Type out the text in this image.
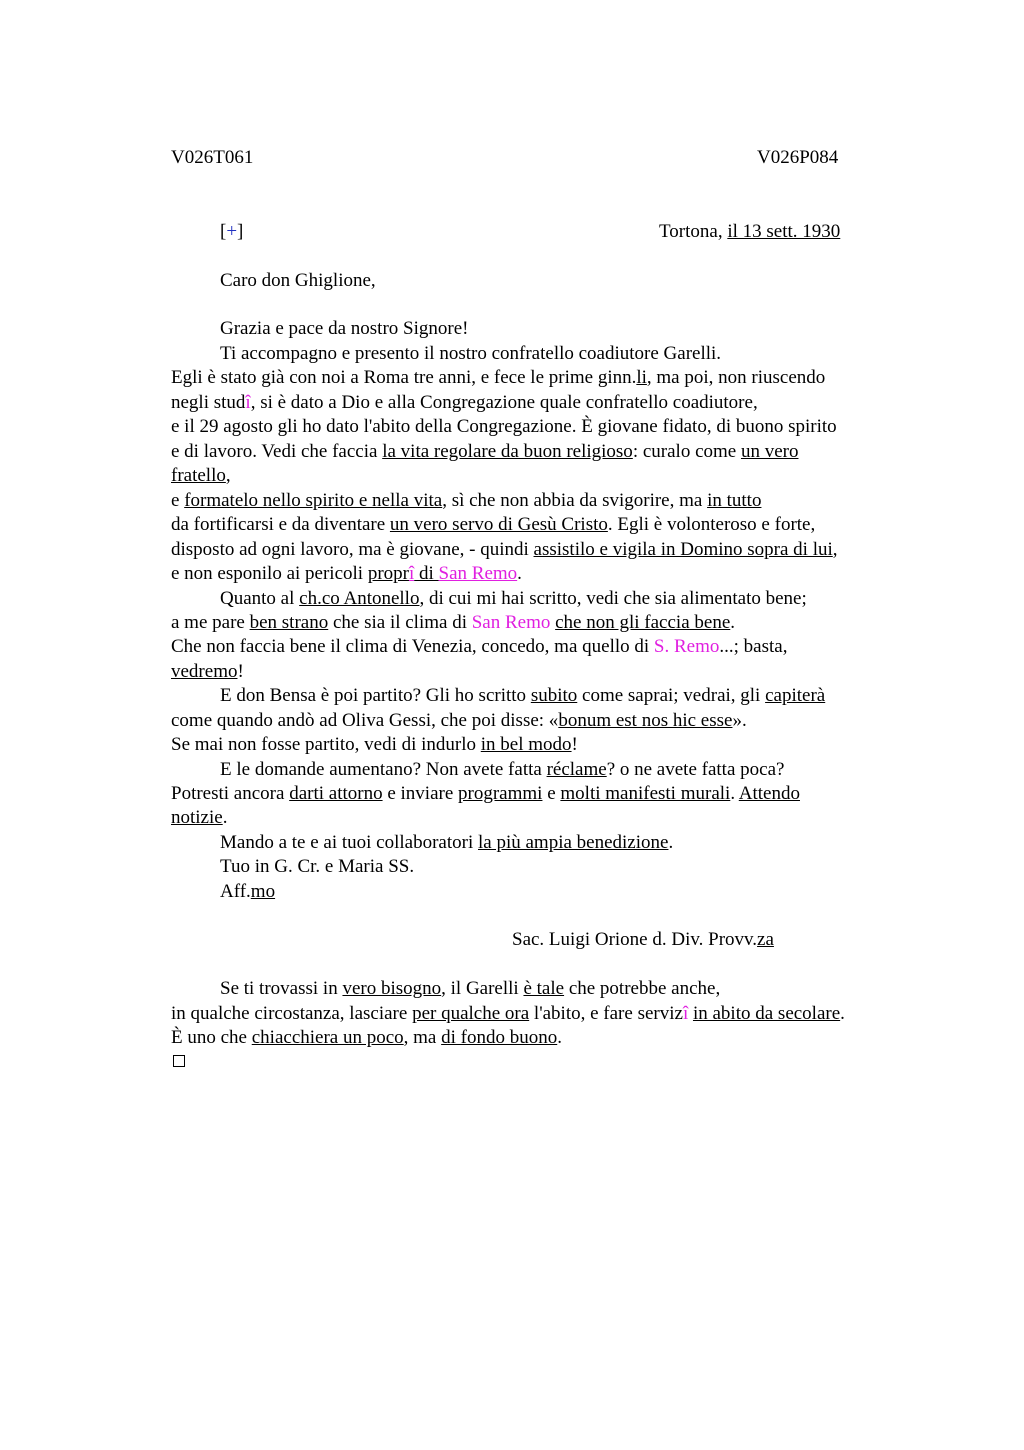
V026T061	V026P084
[+]	Tortona, il 13 sett. 1930
Caro don Ghiglione,
Grazia e pace da nostro Signore!
Ti accompagno e presento il nostro confratello coadiutore Garelli.
Egli è stato già con noi a Roma tre anni, e fece le prime ginn.li, ma poi, non riuscendo
negli studî, si è dato a Dio e alla Congregazione quale confratello coadiutore,
e il 29 agosto gli ho dato l'abito della Congregazione. È giovane fidato, di buono spirito
e di lavoro. Vedi che faccia la vita regolare da buon religioso: curalo come un vero
fratello,
e formatelo nello spirito e nella vita, sì che non abbia da svigorire, ma in tutto
da fortificarsi e da diventare un vero servo di Gesù Cristo. Egli è volonteroso e forte,
disposto ad ogni lavoro, ma è giovane, - quindi assistilo e vigila in Domino sopra di lui,
e non esponilo ai pericoli proprî di San Remo.
Quanto al ch.co Antonello, di cui mi hai scritto, vedi che sia alimentato bene;
a me pare ben strano che sia il clima di San Remo che non gli faccia bene.
Che non faccia bene il clima di Venezia, concedo, ma quello di S. Remo...; basta,
vedremo!
E don Bensa è poi partito? Gli ho scritto subito come saprai; vedrai, gli capiterà
come quando andò ad Oliva Gessi, che poi disse: «bonum est nos hic esse».
Se mai non fosse partito, vedi di indurlo in bel modo!
E le domande aumentano? Non avete fatta réclame? o ne avete fatta poca?
Potresti ancora darti attorno e inviare programmi e molti manifesti murali. Attendo
notizie.
Mando a te e ai tuoi collaboratori la più ampia benedizione.
Tuo in G. Cr. e Maria SS.
Aff.mo
Sac. Luigi Orione d. Div. Provv.za
Se ti trovassi in vero bisogno, il Garelli è tale che potrebbe anche,
in qualche circostanza, lasciare per qualche ora l'abito, e fare servizî in abito da secolare.
È uno che chiacchiera un poco, ma di fondo buono.
